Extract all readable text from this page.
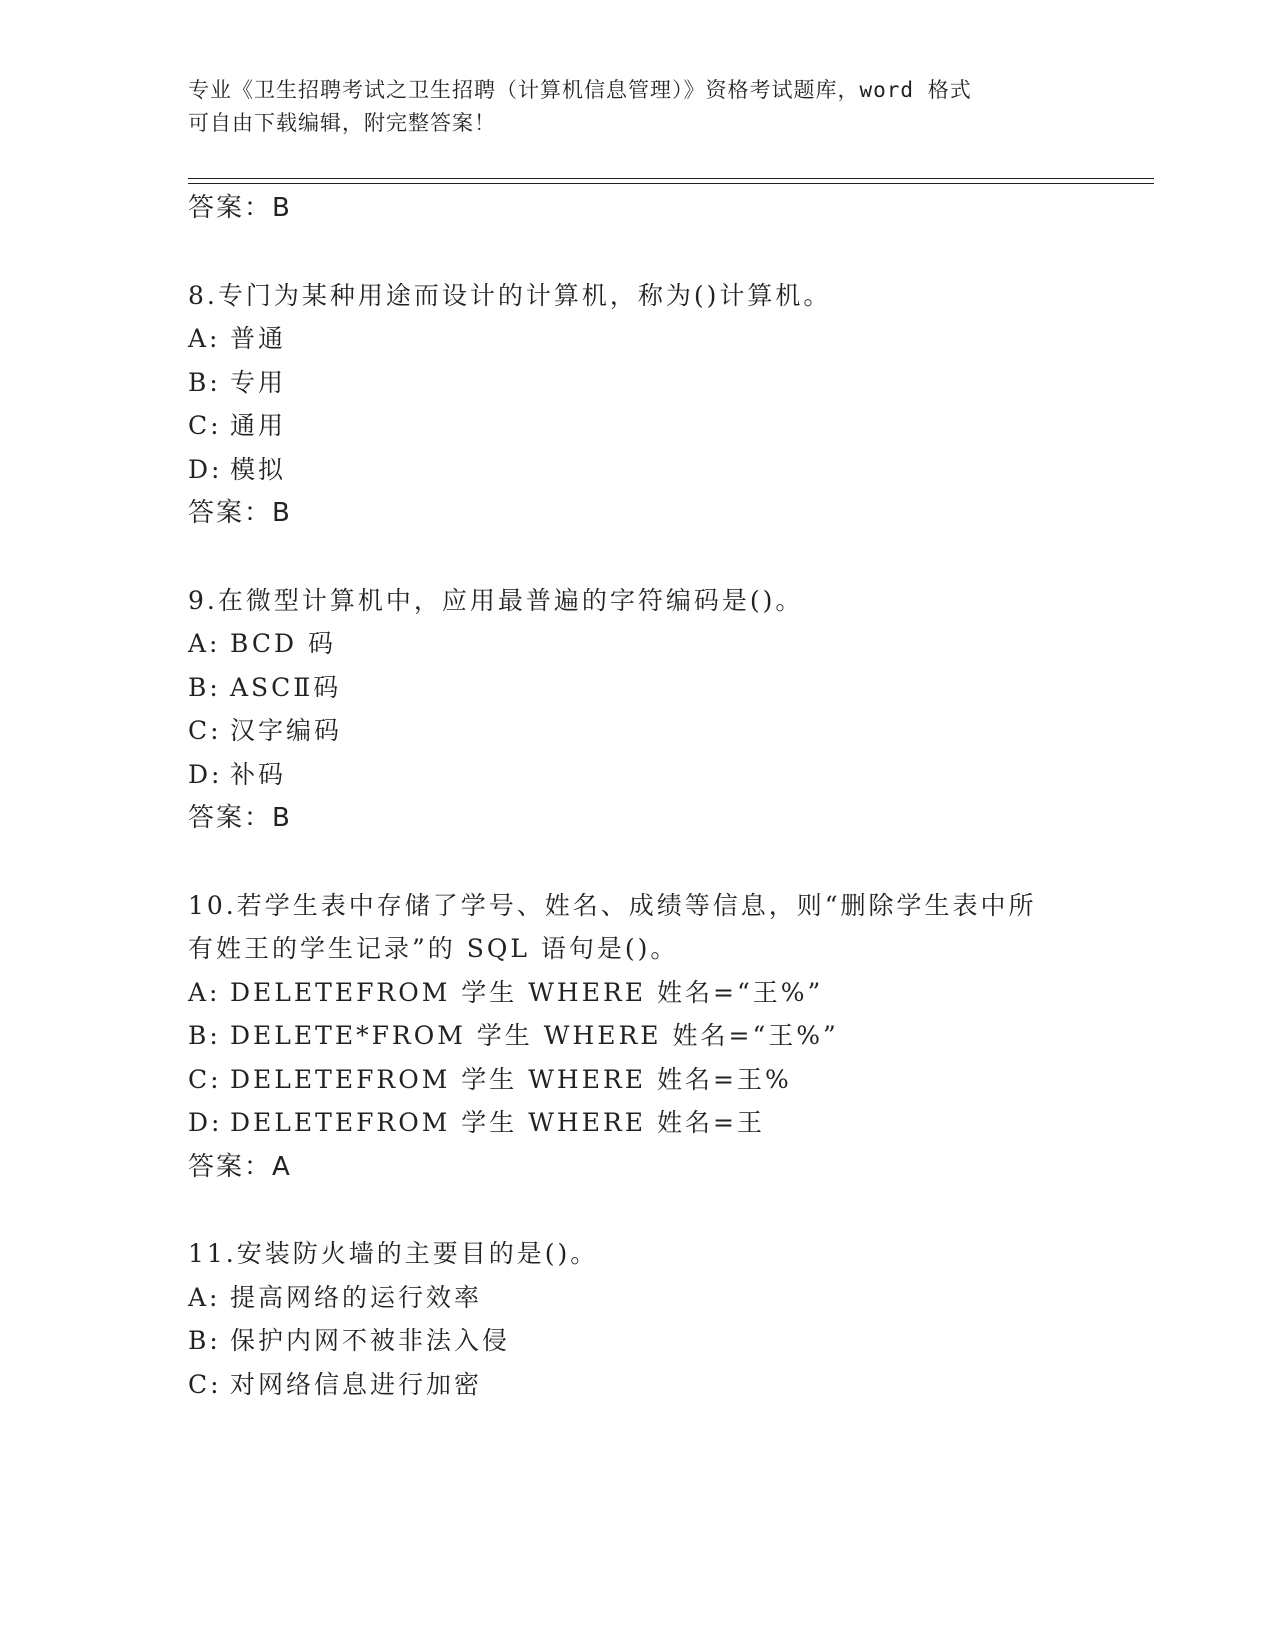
专业《卫生招聘考试之卫生招聘（计算机信息管理）》资格考试题库，word 格式
可自由下载编辑，附完整答案！
答案：B
8.专门为某种用途而设计的计算机，称为()计算机。
A: 普通
B: 专用
C: 通用
D: 模拟
答案：B
9.在微型计算机中，应用最普遍的字符编码是()。
A: BCD 码
B: ASCⅡ码
C: 汉字编码
D: 补码
答案：B
10.若学生表中存储了学号、姓名、成绩等信息，则“删除学生表中所
有姓王的学生记录”的 SQL 语句是()。
A: DELETEFROM 学生 WHERE 姓名=“王%”
B: DELETE*FROM 学生 WHERE 姓名=“王%”
C: DELETEFROM 学生 WHERE 姓名=王%
D: DELETEFROM 学生 WHERE 姓名=王
答案：A
11.安装防火墙的主要目的是()。
A: 提高网络的运行效率
B: 保护内网不被非法入侵
C: 对网络信息进行加密
